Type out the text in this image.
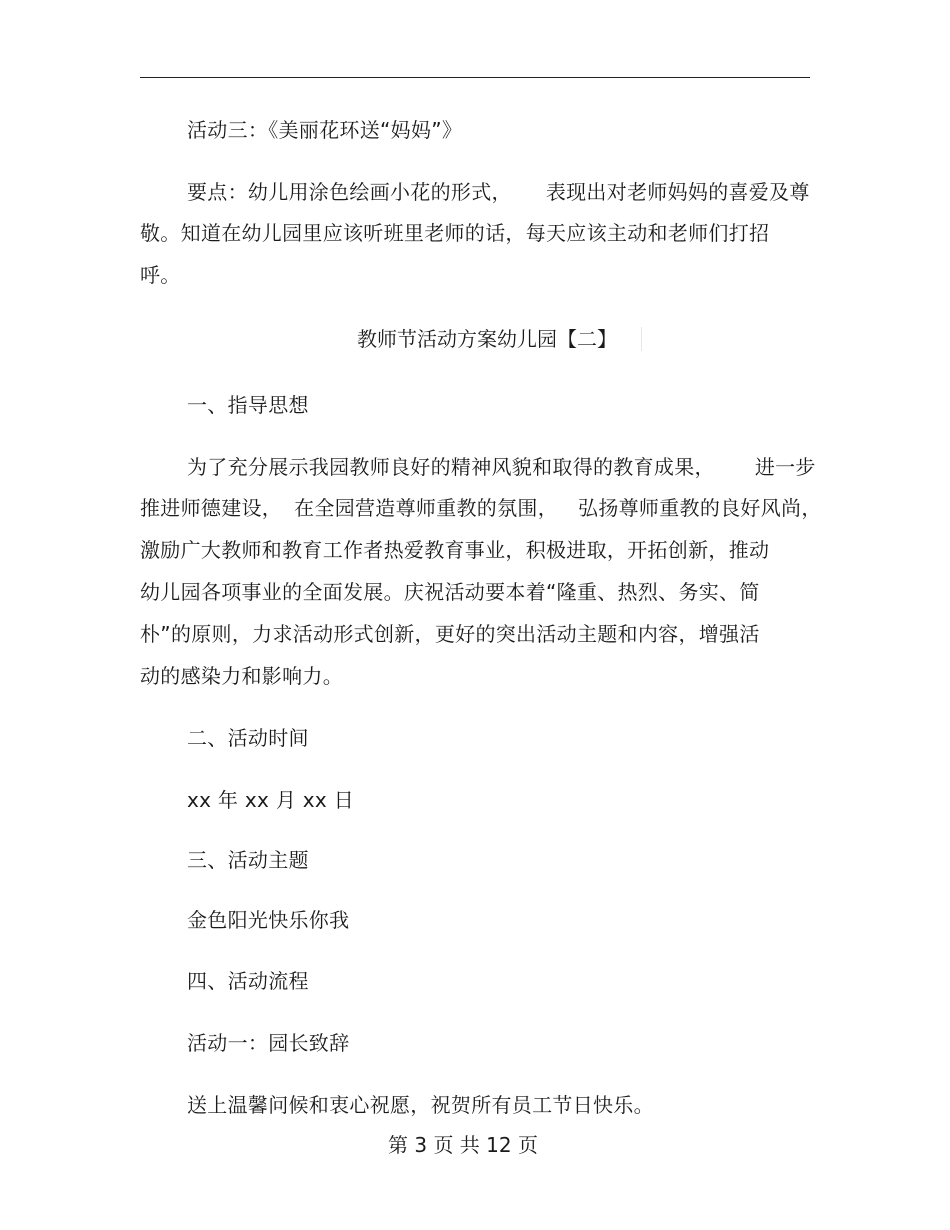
活动三：《美丽花环送“妈妈”》
要点：幼儿用涂色绘画小花的形式， 表现出对老师妈妈的喜爱及尊
敬。知道在幼儿园里应该听班里老师的话，每天应该主动和老师们打招
呼。
教师节活动方案幼儿园【二】
一、指导思想
为了充分展示我园教师良好的精神风貌和取得的教育成果， 进一步
推进师德建设， 在全园营造尊师重教的氛围， 弘扬尊师重教的良好风尚，
激励广大教师和教育工作者热爱教育事业，积极进取，开拓创新，推动
幼儿园各项事业的全面发展。庆祝活动要本着“隆重、热烈、务实、简
朴”的原则，力求活动形式创新，更好的突出活动主题和内容，增强活
动的感染力和影响力。
二、活动时间
xx 年 xx 月 xx 日
三、活动主题
金色阳光快乐你我
四、活动流程
活动一：园长致辞
送上温馨问候和衷心祝愿，祝贺所有员工节日快乐。
第 3 页 共 12 页
